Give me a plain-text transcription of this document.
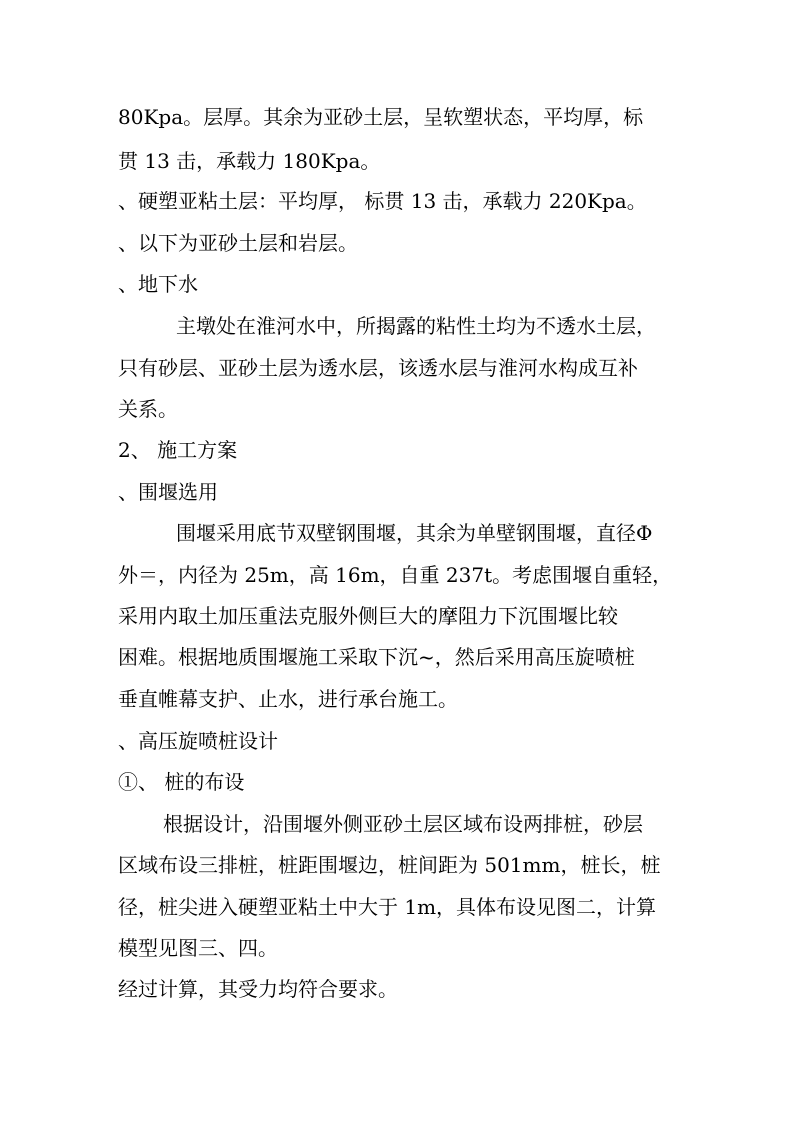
80Kpa。层厚。其余为亚砂土层，呈软塑状态，平均厚，标
贯 13 击，承载力 180Kpa。
、硬塑亚粘土层：平均厚， 标贯 13 击，承载力 220Kpa。
、以下为亚砂土层和岩层。
、地下水
主墩处在淮河水中，所揭露的粘性土均为不透水土层，
只有砂层、亚砂土层为透水层，该透水层与淮河水构成互补
关系。
2、 施工方案
、围堰选用
围堰采用底节双壁钢围堰，其余为单壁钢围堰，直径Φ
外＝，内径为 25m，高 16m，自重 237t。考虑围堰自重轻，
采用内取土加压重法克服外侧巨大的摩阻力下沉围堰比较
困难。根据地质围堰施工采取下沉~，然后采用高压旋喷桩
垂直帷幕支护、止水，进行承台施工。
、高压旋喷桩设计
①、 桩的布设
根据设计，沿围堰外侧亚砂土层区域布设两排桩，砂层
区域布设三排桩，桩距围堰边，桩间距为 501mm，桩长，桩
径，桩尖进入硬塑亚粘土中大于 1m，具体布设见图二，计算
模型见图三、四。
经过计算，其受力均符合要求。
